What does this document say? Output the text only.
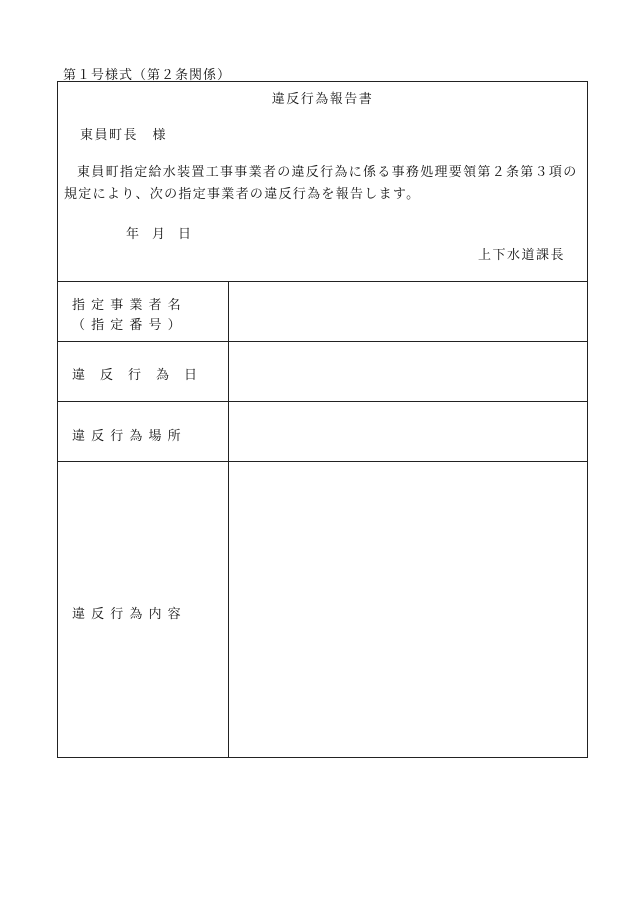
第１号様式（第２条関係）
違反行為報告書
東員町長　様
東員町指定給水装置工事事業者の違反行為に係る事務処理要領第２条第３項の規定により、次の指定事業者の違反行為を報告します。
年　月　日
上下水道課長
指 定 事 業 者 名
（ 指 定 番 号 ）
違　反　行　為　日
違 反 行 為 場 所
違 反 行 為 内 容
